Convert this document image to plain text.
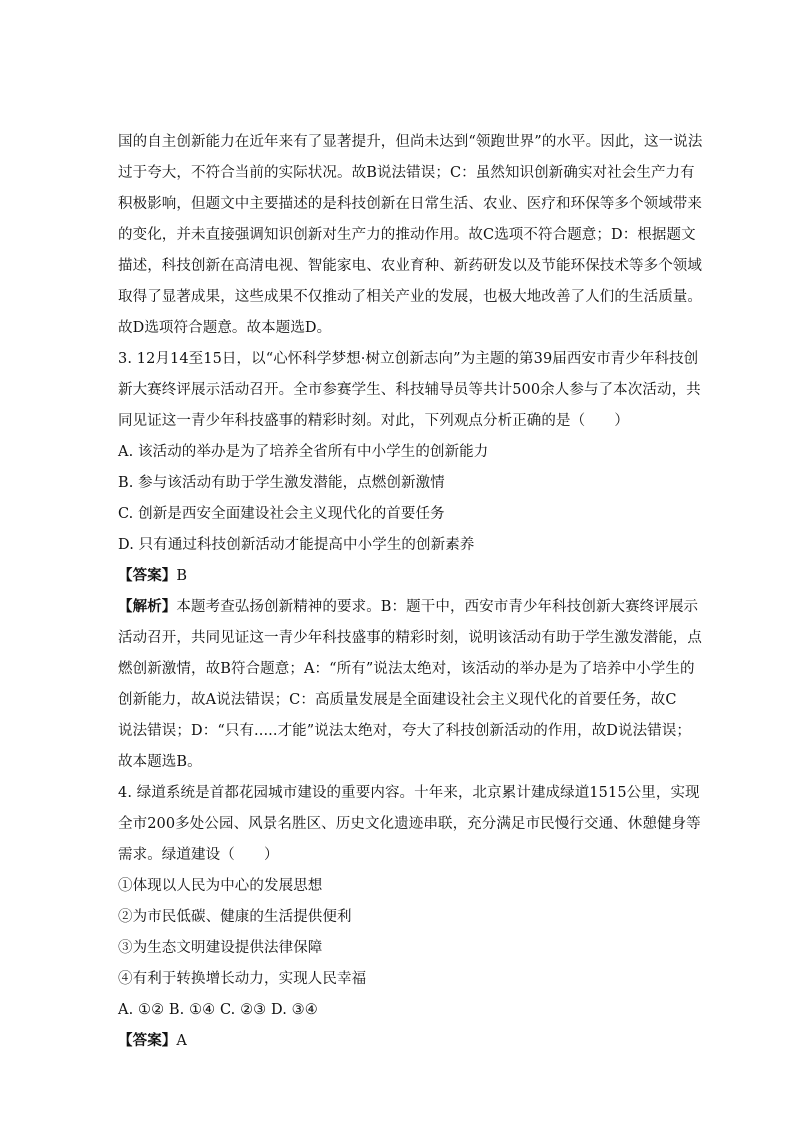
国的自主创新能力在近年来有了显著提升，但尚未达到“领跑世界”的水平。因此，这一说法
过于夸大，不符合当前的实际状况。故B说法错误；C：虽然知识创新确实对社会生产力有
积极影响，但题文中主要描述的是科技创新在日常生活、农业、医疗和环保等多个领域带来
的变化，并未直接强调知识创新对生产力的推动作用。故C选项不符合题意；D：根据题文
描述，科技创新在高清电视、智能家电、农业育种、新药研发以及节能环保技术等多个领域
取得了显著成果，这些成果不仅推动了相关产业的发展，也极大地改善了人们的生活质量。
故D选项符合题意。故本题选D。
3. 12月14至15日，以“心怀科学梦想·树立创新志向”为主题的第39届西安市青少年科技创
新大赛终评展示活动召开。全市参赛学生、科技辅导员等共计500余人参与了本次活动，共
同见证这一青少年科技盛事的精彩时刻。对此，下列观点分析正确的是（　　）
A. 该活动的举办是为了培养全省所有中小学生的创新能力
B. 参与该活动有助于学生激发潜能，点燃创新激情
C. 创新是西安全面建设社会主义现代化的首要任务
D. 只有通过科技创新活动才能提高中小学生的创新素养
【答案】B
【解析】本题考查弘扬创新精神的要求。B：题干中，西安市青少年科技创新大赛终评展示
活动召开，共同见证这一青少年科技盛事的精彩时刻，说明该活动有助于学生激发潜能，点
燃创新激情，故B符合题意；A：“所有”说法太绝对，该活动的举办是为了培养中小学生的
创新能力，故A说法错误；C：高质量发展是全面建设社会主义现代化的首要任务，故C
说法错误；D：“只有.....才能”说法太绝对，夸大了科技创新活动的作用，故D说法错误；
故本题选B。
4. 绿道系统是首都花园城市建设的重要内容。十年来，北京累计建成绿道1515公里，实现
全市200多处公园、风景名胜区、历史文化遗迹串联，充分满足市民慢行交通、休憩健身等
需求。绿道建设（　　）
①体现以人民为中心的发展思想
②为市民低碳、健康的生活提供便利
③为生态文明建设提供法律保障
④有利于转换增长动力，实现人民幸福
A. ①② B. ①④ C. ②③ D. ③④
【答案】A
